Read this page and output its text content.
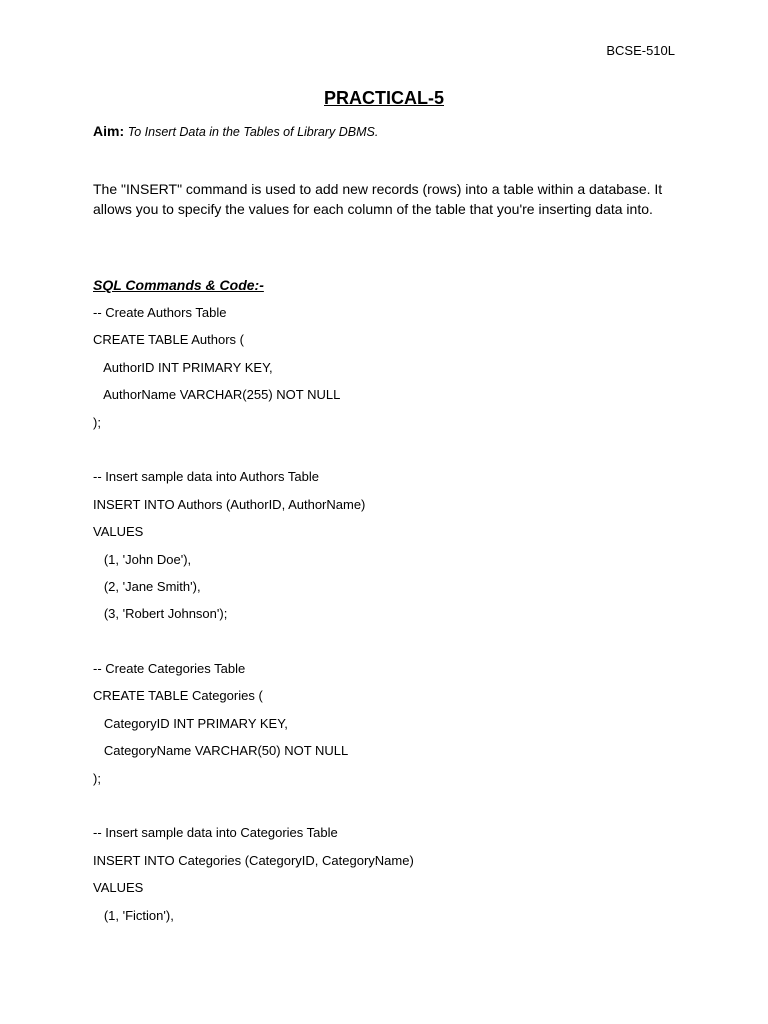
BCSE-510L
PRACTICAL-5
Aim: To Insert Data in the Tables of Library DBMS.

The "INSERT" command is used to add new records (rows) into a table within a database. It allows you to specify the values for each column of the table that you're inserting data into.

SQL Commands & Code:-
-- Create Authors Table
CREATE TABLE Authors (
AuthorID INT PRIMARY KEY,
AuthorName VARCHAR(255) NOT NULL
);
-- Insert sample data into Authors Table
INSERT INTO Authors (AuthorID, AuthorName)
VALUES
(1, 'John Doe'),
(2, 'Jane Smith'),
(3, 'Robert Johnson');
-- Create Categories Table
CREATE TABLE Categories (
CategoryID INT PRIMARY KEY,
CategoryName VARCHAR(50) NOT NULL
);
-- Insert sample data into Categories Table
INSERT INTO Categories (CategoryID, CategoryName)
VALUES
(1, 'Fiction'),
